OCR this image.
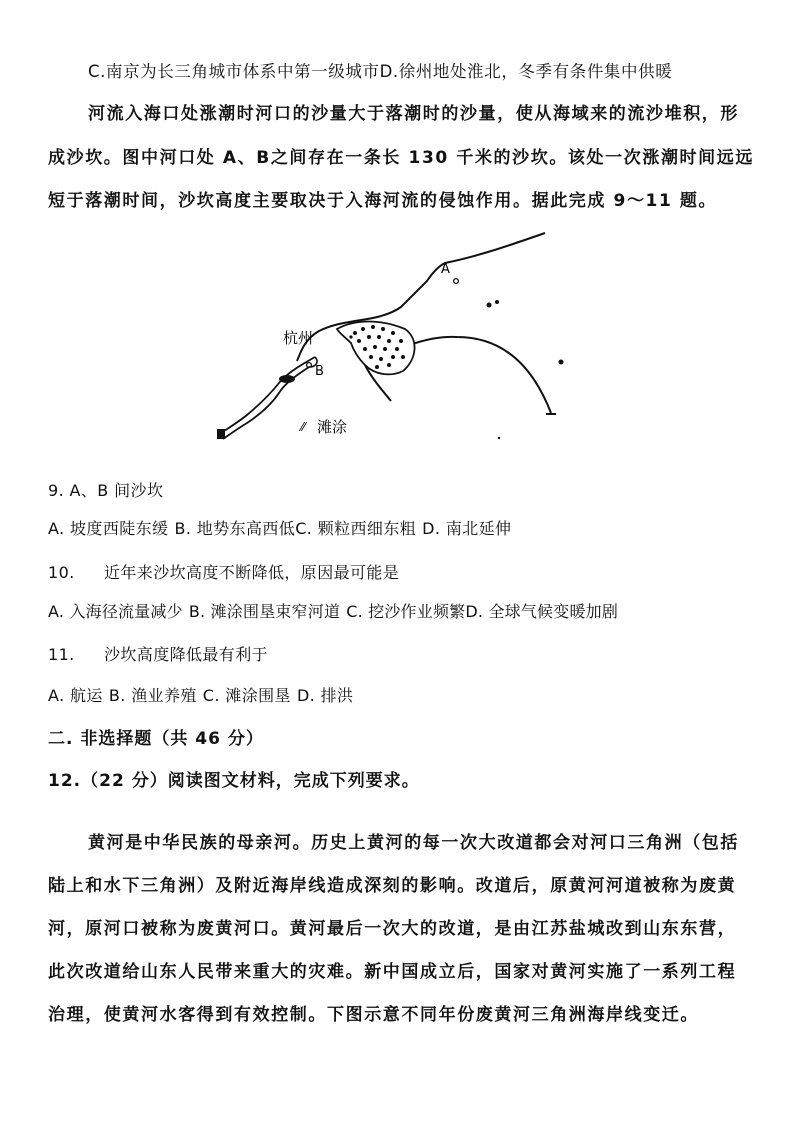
C.南京为长三角城市体系中第一级城市D.徐州地处淮北，冬季有条件集中供暖
河流入海口处涨潮时河口的沙量大于落潮时的沙量，使从海域来的流沙堆积，形
成沙坎。图中河口处 A、B之间存在一条长 130 千米的沙坎。该处一次涨潮时间远远
短于落潮时间，沙坎高度主要取决于入海河流的侵蚀作用。据此完成 9～11 题。
A
B
杭州
⁄⁄ 滩涂
9. A、B 间沙坎
A. 坡度西陡东缓 B. 地势东高西低C. 颗粒西细东粗 D. 南北延伸
10. 近年来沙坎高度不断降低，原因最可能是
A. 入海径流量减少 B. 滩涂围垦束窄河道 C. 挖沙作业频繁D. 全球气候变暖加剧
11. 沙坎高度降低最有利于
A. 航运 B. 渔业养殖 C. 滩涂围垦 D. 排洪
二. 非选择题（共 46 分）
12.（22 分）阅读图文材料，完成下列要求。
黄河是中华民族的母亲河。历史上黄河的每一次大改道都会对河口三角洲（包括
陆上和水下三角洲）及附近海岸线造成深刻的影响。改道后，原黄河河道被称为废黄
河，原河口被称为废黄河口。黄河最后一次大的改道，是由江苏盐城改到山东东营，
此次改道给山东人民带来重大的灾难。新中国成立后，国家对黄河实施了一系列工程
治理，使黄河水客得到有效控制。下图示意不同年份废黄河三角洲海岸线变迁。
